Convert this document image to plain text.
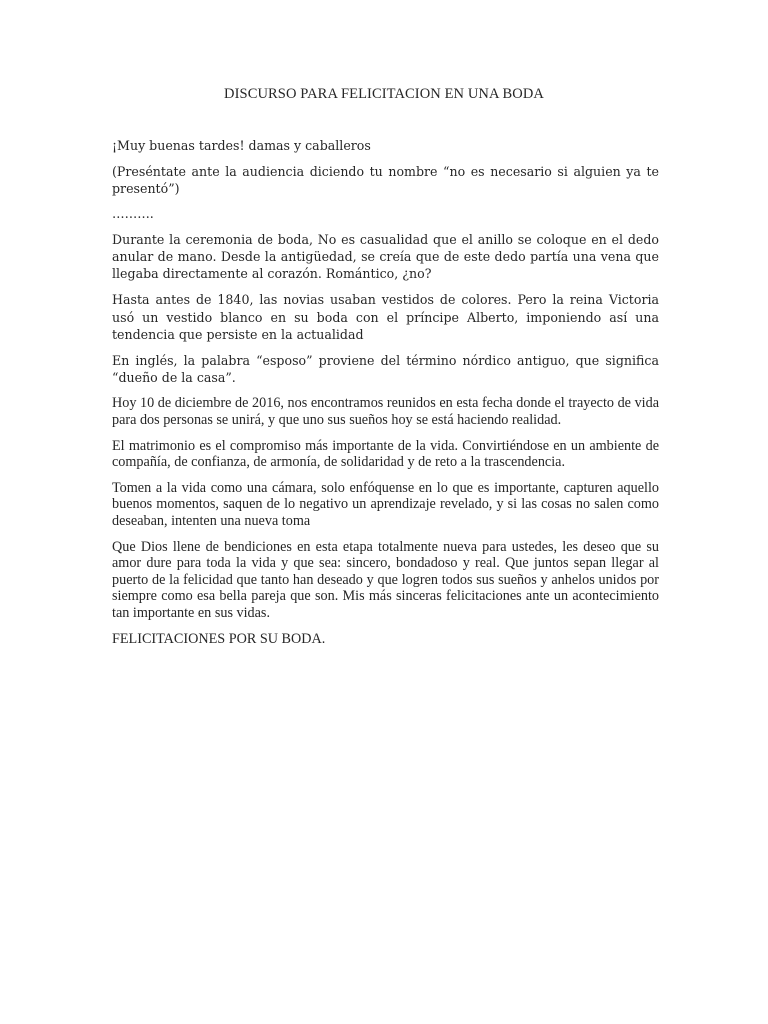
DISCURSO PARA FELICITACION EN UNA BODA

¡Muy buenas tardes! damas y caballeros

(Preséntate ante la audiencia diciendo tu nombre “no es necesario si alguien ya te presentó”)

……….

Durante la ceremonia de boda, No es casualidad que el anillo se coloque en el dedo anular de mano. Desde la antigüedad, se creía que de este dedo partía una vena que llegaba directamente al corazón. Romántico, ¿no?

Hasta antes de 1840, las novias usaban vestidos de colores. Pero la reina Victoria usó un vestido blanco en su boda con el príncipe Alberto, imponiendo así una tendencia que persiste en la actualidad

En inglés, la palabra “esposo” proviene del término nórdico antiguo, que significa “dueño de la casa”.

Hoy 10 de diciembre de 2016, nos encontramos reunidos en esta fecha donde el trayecto de vida para dos personas se unirá, y que uno sus sueños hoy se está haciendo realidad.

El matrimonio es el compromiso más importante de la vida. Convirtiéndose en un ambiente de compañía, de confianza, de armonía, de solidaridad y de reto a la trascendencia.

Tomen a la vida como una cámara, solo enfóquense en lo que es importante, capturen aquello buenos momentos, saquen de lo negativo un aprendizaje revelado, y si las cosas no salen como deseaban, intenten una nueva toma

Que Dios llene de bendiciones en esta etapa totalmente nueva para ustedes, les deseo que su amor dure para toda la vida y que sea: sincero, bondadoso y real. Que juntos sepan llegar al puerto de la felicidad que tanto han deseado y que logren todos sus sueños y anhelos unidos por siempre como esa bella pareja que son. Mis más sinceras felicitaciones ante un acontecimiento tan importante en sus vidas.

FELICITACIONES POR SU BODA.
